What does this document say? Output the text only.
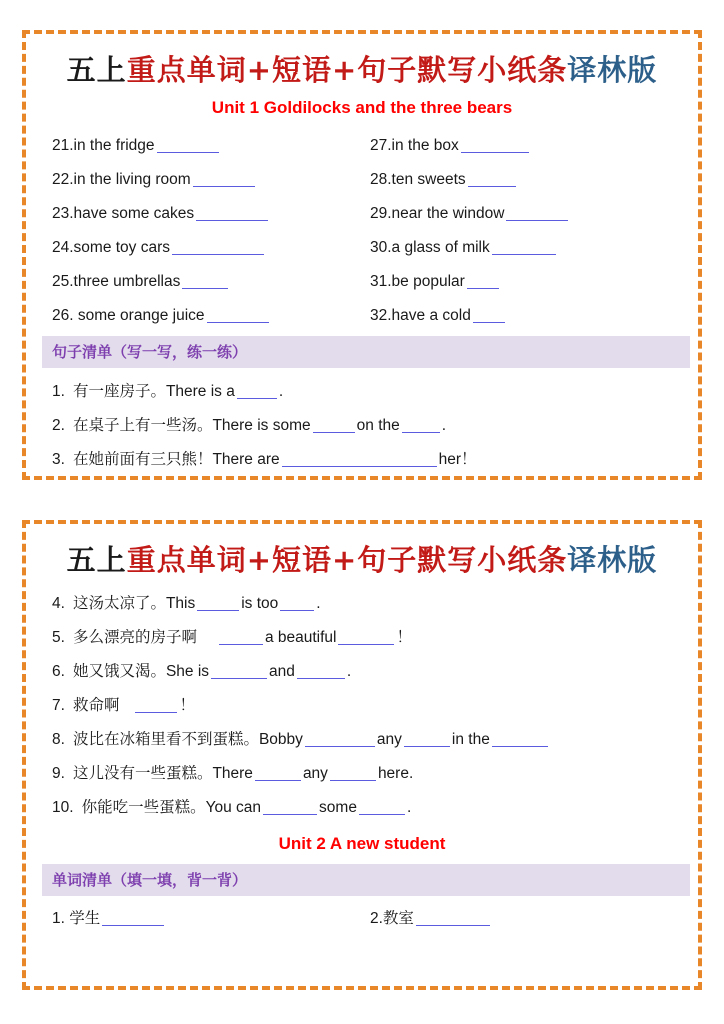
五上重点单词+短语+句子默写小纸条译林版
Unit 1 Goldilocks and the three bears
21.in the fridge	27.in the box
22.in the living room	28.ten sweets
23.have some cakes	29.near the window
24.some toy cars	30.a glass of milk
25.three umbrellas	31.be popular
26. some orange juice	32.have a cold
句子清单（写一写，练一练）
1. 有一座房子。There is a	.
2. 在桌子上有一些汤。There is some	on the	.
3. 在她前面有三只熊！There are	her！
五上重点单词+短语+句子默写小纸条译林版
4. 这汤太凉了。This	is too .
5. 多么漂亮的房子啊	a beautiful	！
6. 她又饿又渴。She is	and	.
7. 救命啊	！
8. 波比在冰箱里看不到蛋糕。Bobby	any	in the
9. 这儿没有一些蛋糕。There	any	here.
10. 你能吃一些蛋糕。You can	some	.
Unit 2 A new student
单词清单（填一填，背一背）
1. 学生	2.教室
